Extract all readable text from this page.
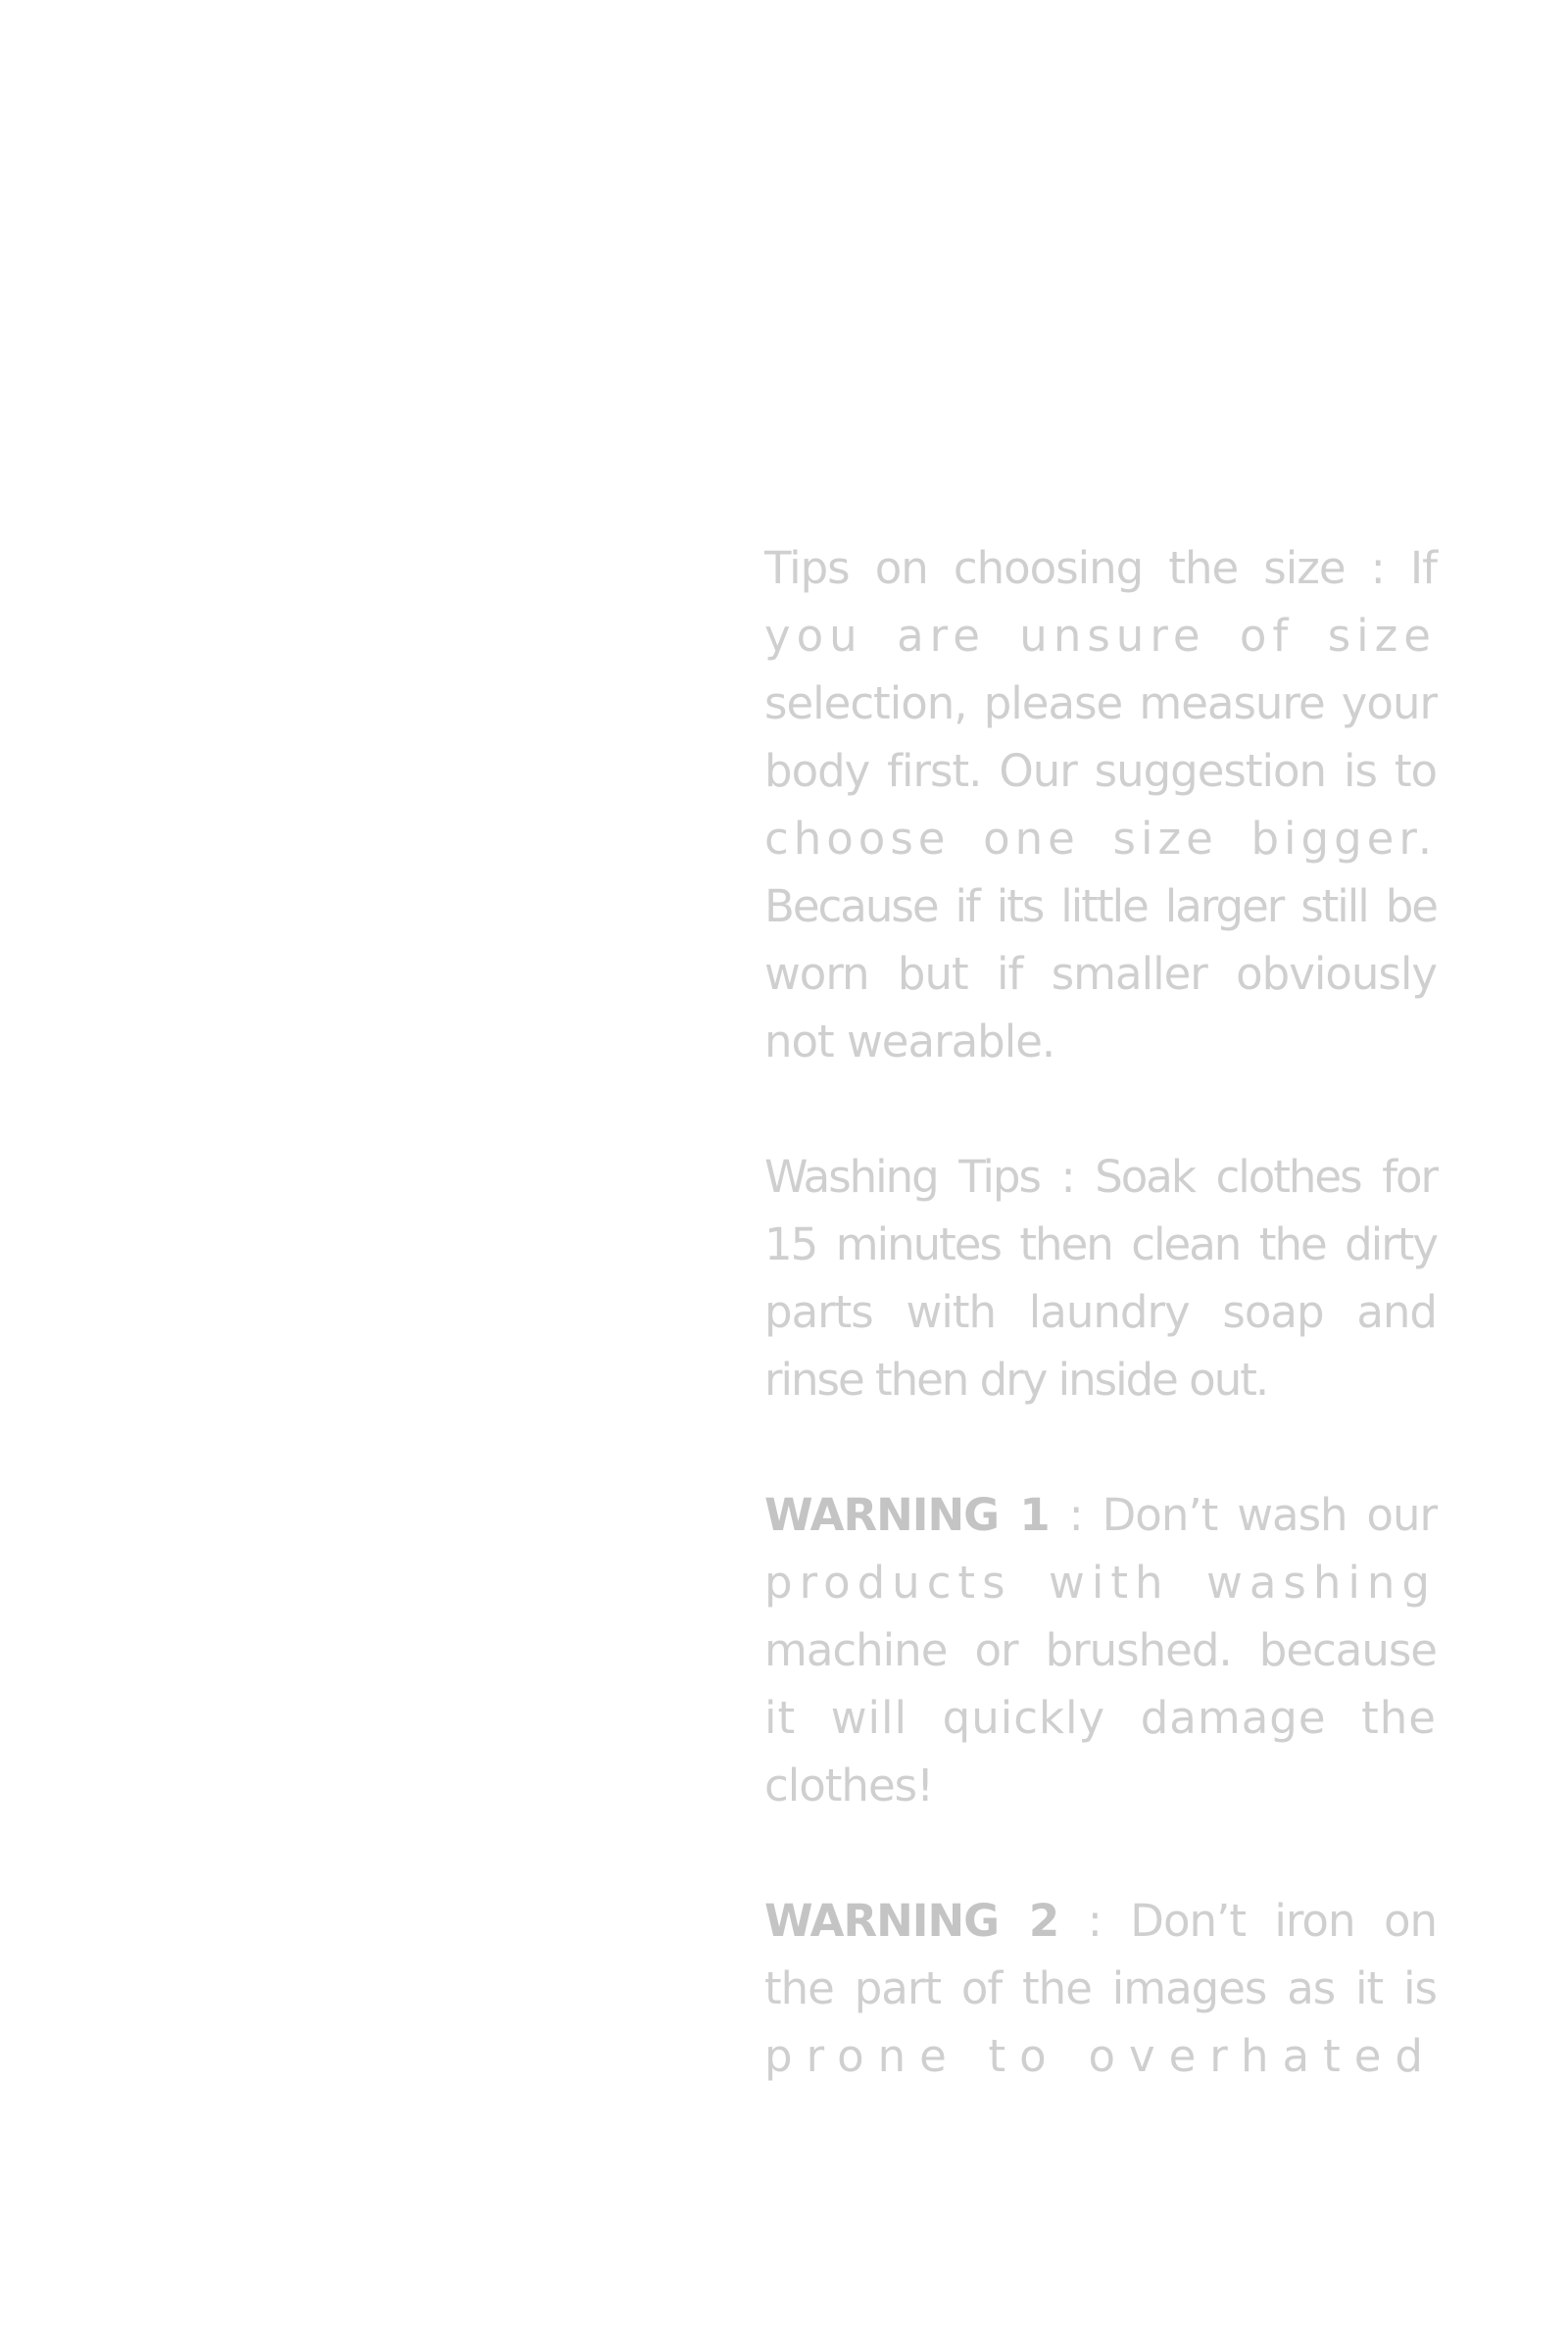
Tips on choosing the size : If
you are unsure of size
selection, please measure your
body first. Our suggestion is to
choose one size bigger.
Because if its little larger still be
worn but if smaller obviously
not wearable.
Washing Tips : Soak clothes for
15 minutes then clean the dirty
parts with laundry soap and
rinse then dry inside out.
WARNING 1 : Don’t wash our
products with washing
machine or brushed. because
it will quickly damage the
clothes!
WARNING 2 : Don’t iron on
the part of the images as it is
prone to overhated
